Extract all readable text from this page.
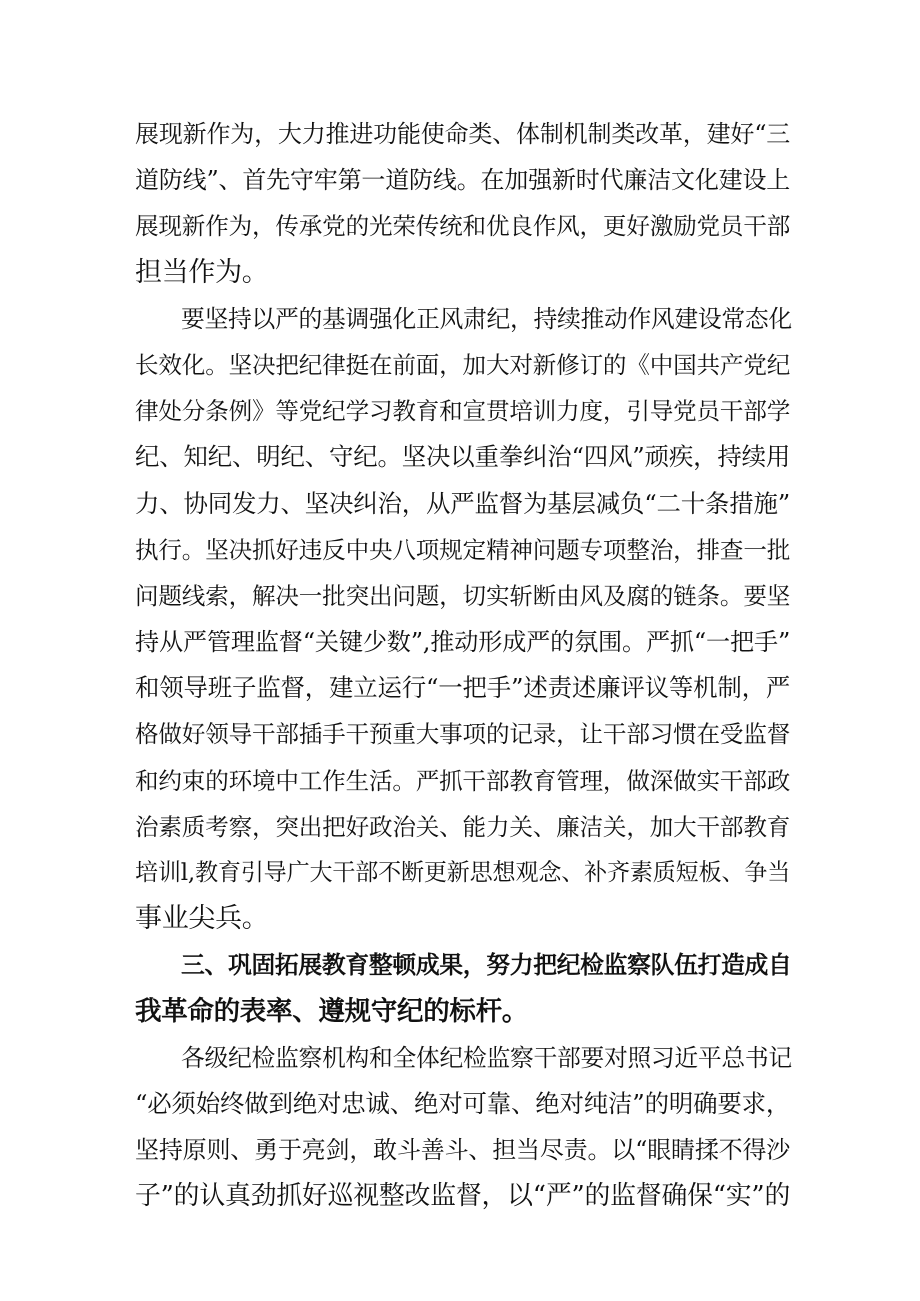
展现新作为，大力推进功能使命类、体制机制类改革，建好“三
道防线”、首先守牢第一道防线。在加强新时代廉洁文化建设上
展现新作为，传承党的光荣传统和优良作风，更好激励党员干部
担当作为。
要坚持以严的基调强化正风肃纪，持续推动作风建设常态化
长效化。坚决把纪律挺在前面，加大对新修订的《中国共产党纪
律处分条例》等党纪学习教育和宣贯培训力度，引导党员干部学
纪、知纪、明纪、守纪。坚决以重拳纠治“四风”顽疾，持续用
力、协同发力、坚决纠治，从严监督为基层减负“二十条措施”
执行。坚决抓好违反中央八项规定精神问题专项整治，排查一批
问题线索，解决一批突出问题，切实斩断由风及腐的链条。要坚
持从严管理监督“关键少数”,推动形成严的氛围。严抓“一把手”
和领导班子监督，建立运行“一把手”述责述廉评议等机制，严
格做好领导干部插手干预重大事项的记录，让干部习惯在受监督
和约束的环境中工作生活。严抓干部教育管理，做深做实干部政
治素质考察，突出把好政治关、能力关、廉洁关，加大干部教育
培训l,教育引导广大干部不断更新思想观念、补齐素质短板、争当
事业尖兵。
三、巩固拓展教育整顿成果，努力把纪检监察队伍打造成自
我革命的表率、遵规守纪的标杆。
各级纪检监察机构和全体纪检监察干部要对照习近平总书记
“必须始终做到绝对忠诚、绝对可靠、绝对纯洁”的明确要求，
坚持原则、勇于亮剑，敢斗善斗、担当尽责。以“眼睛揉不得沙
子”的认真劲抓好巡视整改监督，以“严”的监督确保“实”的
